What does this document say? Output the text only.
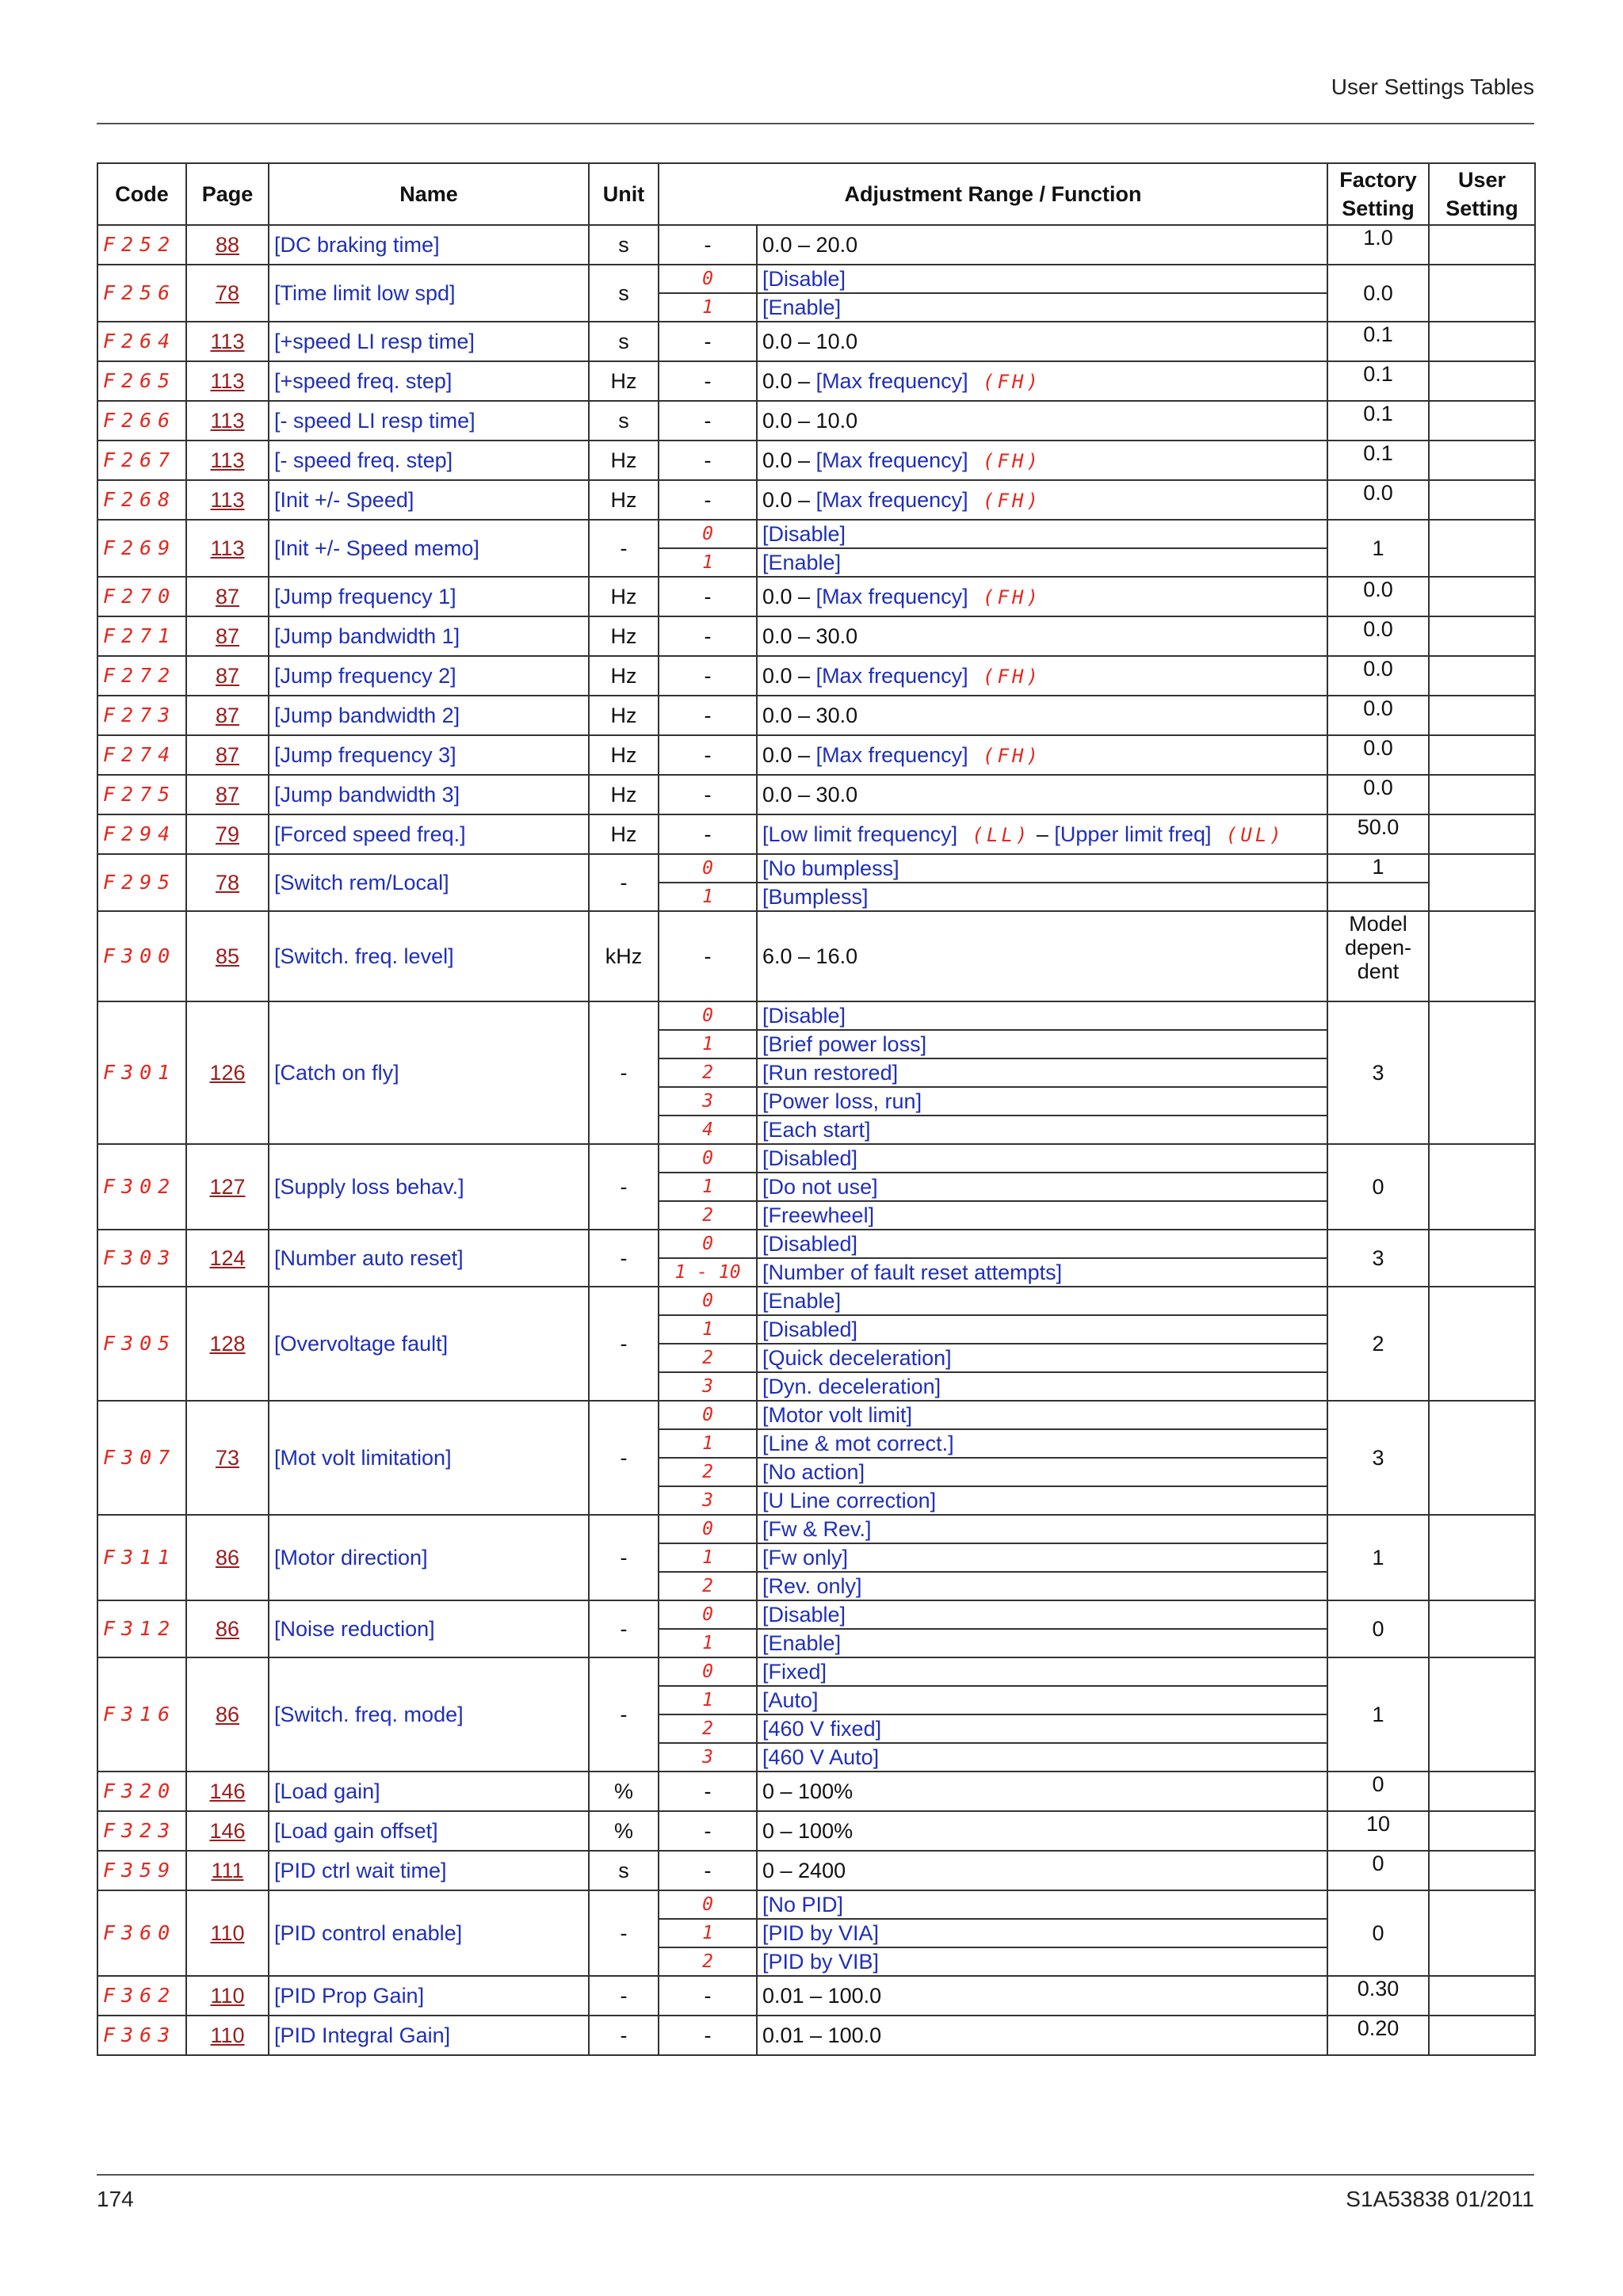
User Settings Tables
Code	Page	Name	Unit	Adjustment Range / Function		Factory Setting	User Setting
F252	88	[DC braking time]	s	-	0.0 – 20.0	1.0	
F256	78	[Time limit low spd]	s	0	[Disable]	0.0	
				1	[Enable]		
F264	113	[+speed LI resp time]	s	-	0.0 – 10.0	0.1	
F265	113	[+speed freq. step]	Hz	-	0.0 – [Max frequency] (FH)	0.1	
F266	113	[- speed LI resp time]	s	-	0.0 – 10.0	0.1	
F267	113	[- speed freq. step]	Hz	-	0.0 – [Max frequency] (FH)	0.1	
F268	113	[Init +/- Speed]	Hz	-	0.0 – [Max frequency] (FH)	0.0	
F269	113	[Init +/- Speed memo]	-	0	[Disable]	1	
				1	[Enable]		
F270	87	[Jump frequency 1]	Hz	-	0.0 – [Max frequency] (FH)	0.0	
F271	87	[Jump bandwidth 1]	Hz	-	0.0 – 30.0	0.0	
F272	87	[Jump frequency 2]	Hz	-	0.0 – [Max frequency] (FH)	0.0	
F273	87	[Jump bandwidth 2]	Hz	-	0.0 – 30.0	0.0	
F274	87	[Jump frequency 3]	Hz	-	0.0 – [Max frequency] (FH)	0.0	
F275	87	[Jump bandwidth 3]	Hz	-	0.0 – 30.0	0.0	
F294	79	[Forced speed freq.]	Hz	-	[Low limit frequency] (LL) – [Upper limit freq] (UL)	50.0	
F295	78	[Switch rem/Local]	-	0	[No bumpless]	1	
				1	[Bumpless]		
F300	85	[Switch. freq. level]	kHz	-	6.0 – 16.0	Model depen- dent	
F301	126	[Catch on fly]	-	0	[Disable]	3	
				1	[Brief power loss]		
				2	[Run restored]		
				3	[Power loss, run]		
				4	[Each start]		
F302	127	[Supply loss behav.]	-	0	[Disabled]	0	
				1	[Do not use]		
				2	[Freewheel]		
F303	124	[Number auto reset]	-	0	[Disabled]	3	
				1 - 10	[Number of fault reset attempts]		
F305	128	[Overvoltage fault]	-	0	[Enable]	2	
				1	[Disabled]		
				2	[Quick deceleration]		
				3	[Dyn. deceleration]		
F307	73	[Mot volt limitation]	-	0	[Motor volt limit]	3	
				1	[Line & mot correct.]		
				2	[No action]		
				3	[U Line correction]		
F311	86	[Motor direction]	-	0	[Fw & Rev.]	1	
				1	[Fw only]		
				2	[Rev. only]		
F312	86	[Noise reduction]	-	0	[Disable]	0	
				1	[Enable]		
F316	86	[Switch. freq. mode]	-	0	[Fixed]	1	
				1	[Auto]		
				2	[460 V fixed]		
				3	[460 V Auto]		
F320	146	[Load gain]	%	-	0 – 100%	0	
F323	146	[Load gain offset]	%	-	0 – 100%	10	
F359	111	[PID ctrl wait time]	s	-	0 – 2400	0	
F360	110	[PID control enable]	-	0	[No PID]	0	
				1	[PID by VIA]		
				2	[PID by VIB]		
F362	110	[PID Prop Gain]	-	-	0.01 – 100.0	0.30	
F363	110	[PID Integral Gain]	-	-	0.01 – 100.0	0.20	
174	S1A53838 01/2011
